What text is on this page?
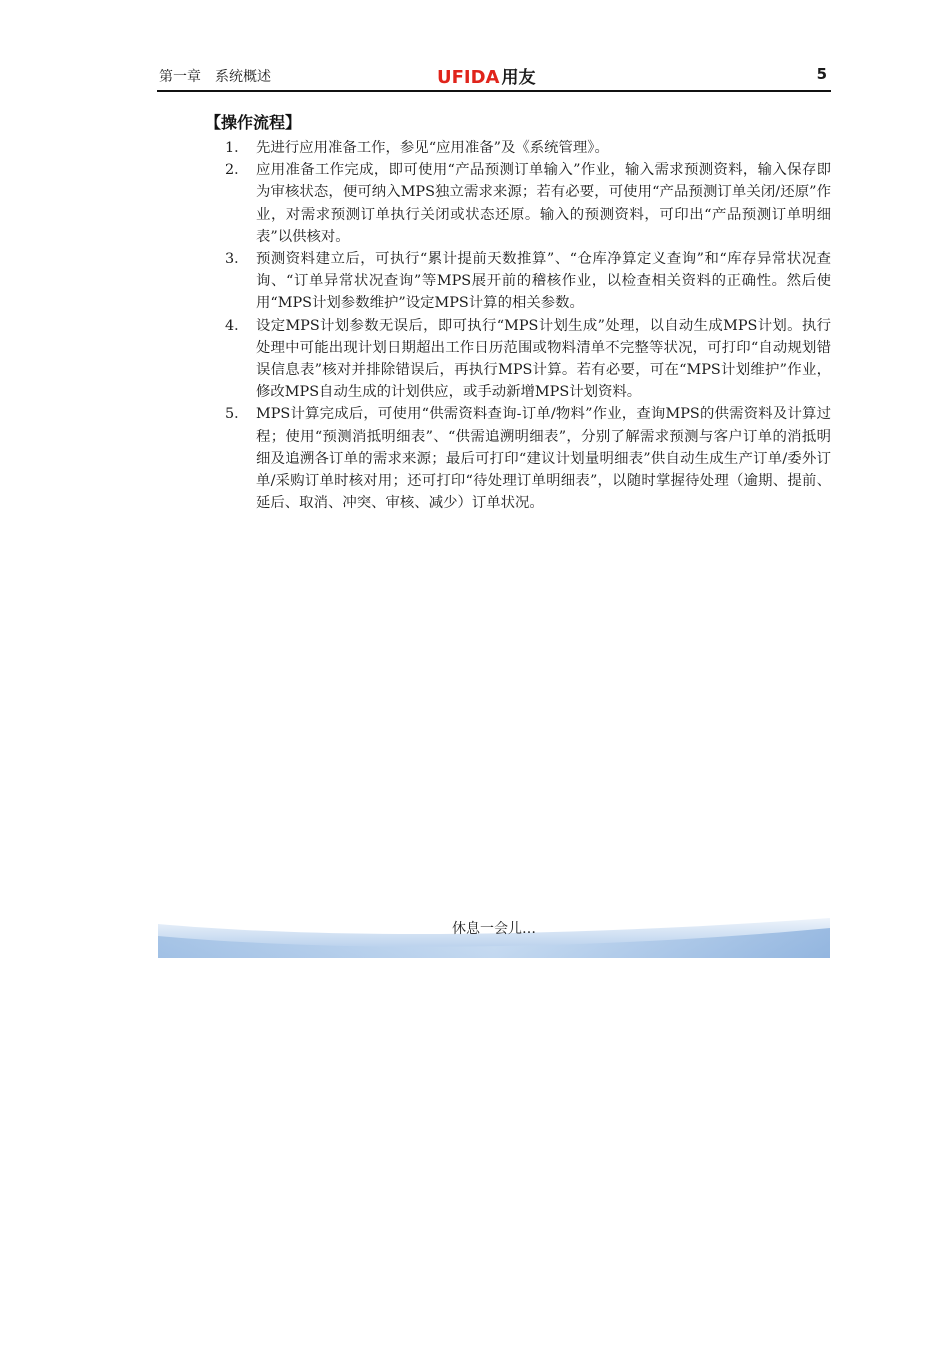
第一章　系统概述	UFIDA 用友	5
【操作流程】
1． 先进行应用准备工作，参见“应用准备”及《系统管理》。
2． 应用准备工作完成，即可使用“产品预测订单输入”作业，输入需求预测资料，输入保存即为审核状态，便可纳入MPS独立需求来源；若有必要，可使用“产品预测订单关闭/还原”作业，对需求预测订单执行关闭或状态还原。输入的预测资料，可印出“产品预测订单明细表”以供核对。
3． 预测资料建立后，可执行“累计提前天数推算”、“仓库净算定义查询”和“库存异常状况查询、“订单异常状况查询”等MPS展开前的稽核作业，以检查相关资料的正确性。然后使用“MPS计划参数维护”设定MPS计算的相关参数。
4． 设定MPS计划参数无误后，即可执行“MPS计划生成”处理，以自动生成MPS计划。执行处理中可能出现计划日期超出工作日历范围或物料清单不完整等状况，可打印“自动规划错误信息表”核对并排除错误后，再执行MPS计算。若有必要，可在“MPS计划维护”作业，修改MPS自动生成的计划供应，或手动新增MPS计划资料。
5． MPS计算完成后，可使用“供需资料查询-订单/物料”作业，查询MPS的供需资料及计算过程；使用“预测消抵明细表”、“供需追溯明细表”，分别了解需求预测与客户订单的消抵明细及追溯各订单的需求来源；最后可打印“建议计划量明细表”供自动生成生产订单/委外订单/采购订单时核对用；还可打印“待处理订单明细表”，以随时掌握待处理（逾期、提前、延后、取消、冲突、审核、减少）订单状况。
休息一会儿…
